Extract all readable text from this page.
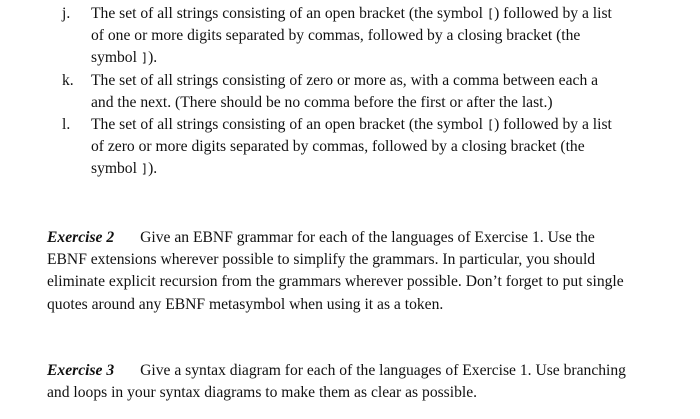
j. The set of all strings consisting of an open bracket (the symbol [) followed by a list of one or more digits separated by commas, followed by a closing bracket (the symbol ]).
k. The set of all strings consisting of zero or more as, with a comma between each a and the next. (There should be no comma before the first or after the last.)
l. The set of all strings consisting of an open bracket (the symbol [) followed by a list of zero or more digits separated by commas, followed by a closing bracket (the symbol ]).
Exercise 2 Give an EBNF grammar for each of the languages of Exercise 1. Use the EBNF extensions wherever possible to simplify the grammars. In particular, you should eliminate explicit recursion from the grammars wherever possible. Don’t forget to put single quotes around any EBNF metasymbol when using it as a token.
Exercise 3 Give a syntax diagram for each of the languages of Exercise 1. Use branching and loops in your syntax diagrams to make them as clear as possible.
